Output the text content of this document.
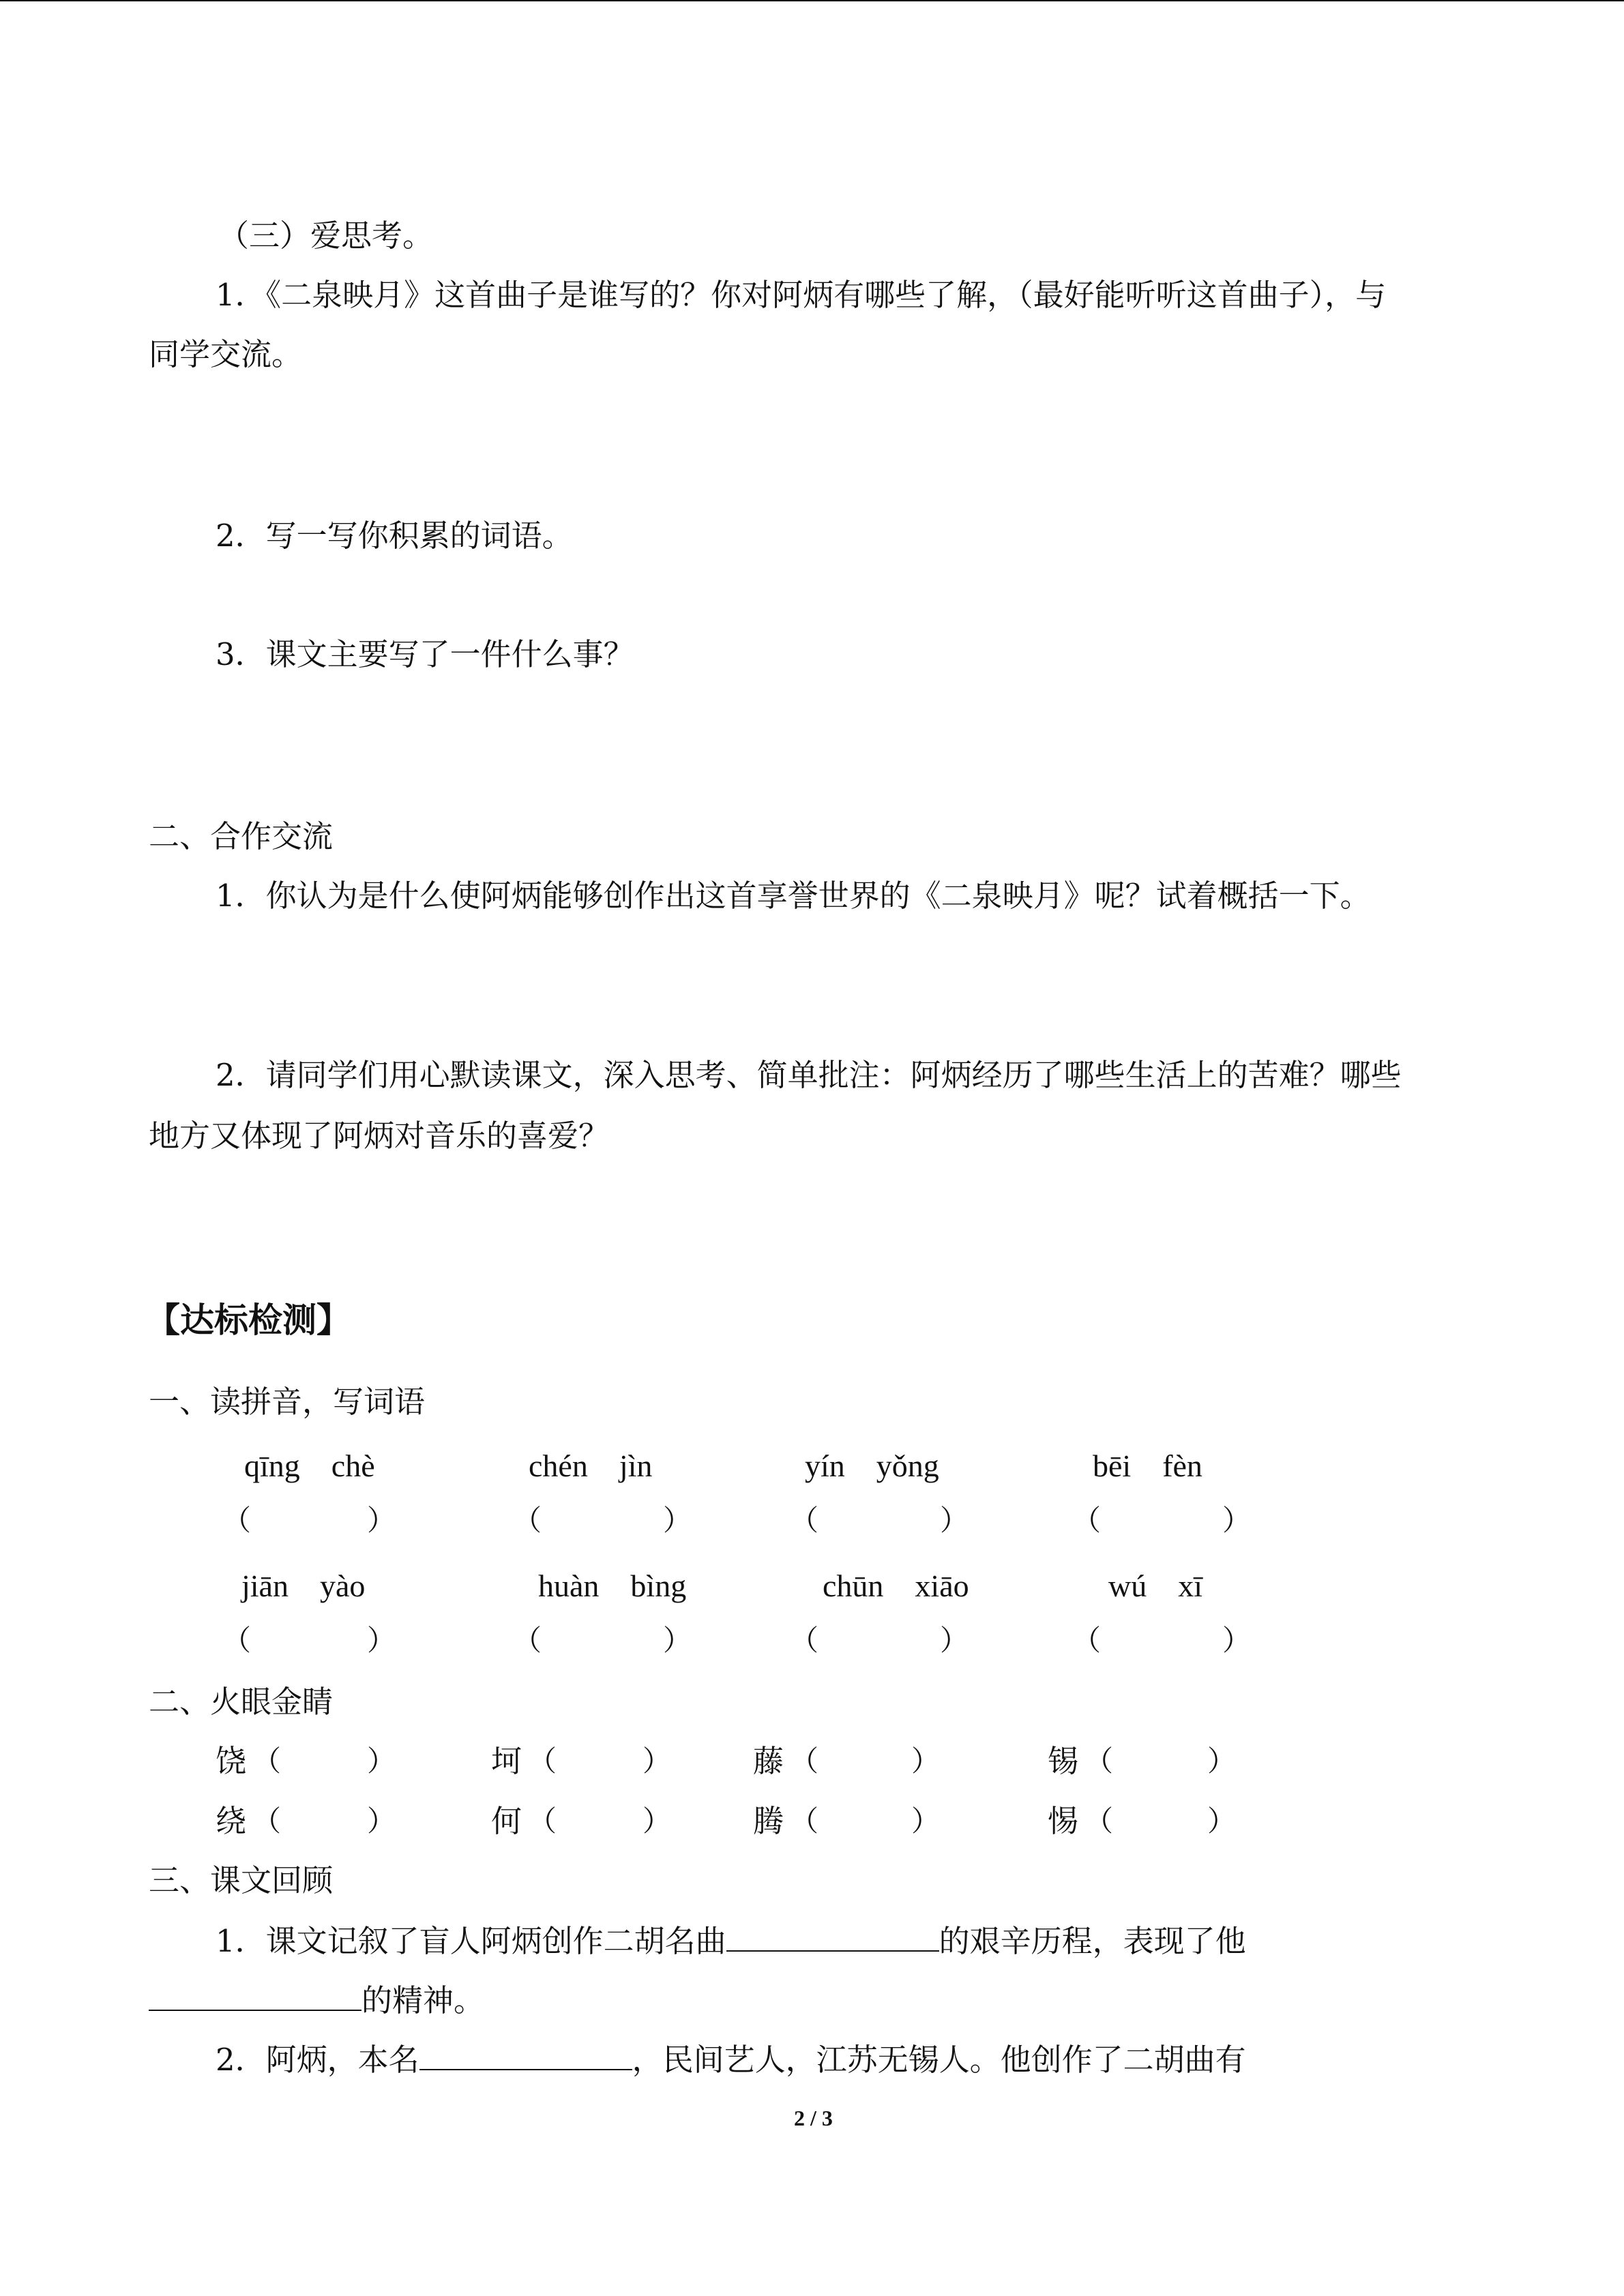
（三）爱思考。
1．《二泉映月》这首曲子是谁写的？你对阿炳有哪些了解，（最好能听听这首曲子），与
同学交流。
2．写一写你积累的词语。
3．课文主要写了一件什么事？
二、合作交流
1．你认为是什么使阿炳能够创作出这首享誉世界的《二泉映月》呢？试着概括一下。
2．请同学们用心默读课文，深入思考、简单批注：阿炳经历了哪些生活上的苦难？哪些
地方又体现了阿炳对音乐的喜爱？
【达标检测】
一、读拼音，写词语
qīng　chè	chén　jìn	yín　yǒng	bēi　fèn
（	）	（	）	（	）	（	）
jiān　yào	huàn　bìng	chūn　xiāo	wú　xī
（	）	（	）	（	）	（	）
二、火眼金睛
饶 （	）	坷 （	）	藤 （	）	锡 （	）
绕 （	）	何 （	）	腾 （	）	惕 （	）
三、课文回顾
1．课文记叙了盲人阿炳创作二胡名曲	的艰辛历程，表现了他
的精神。
2．阿炳，本名	，民间艺人，江苏无锡人。他创作了二胡曲有
2 / 3
